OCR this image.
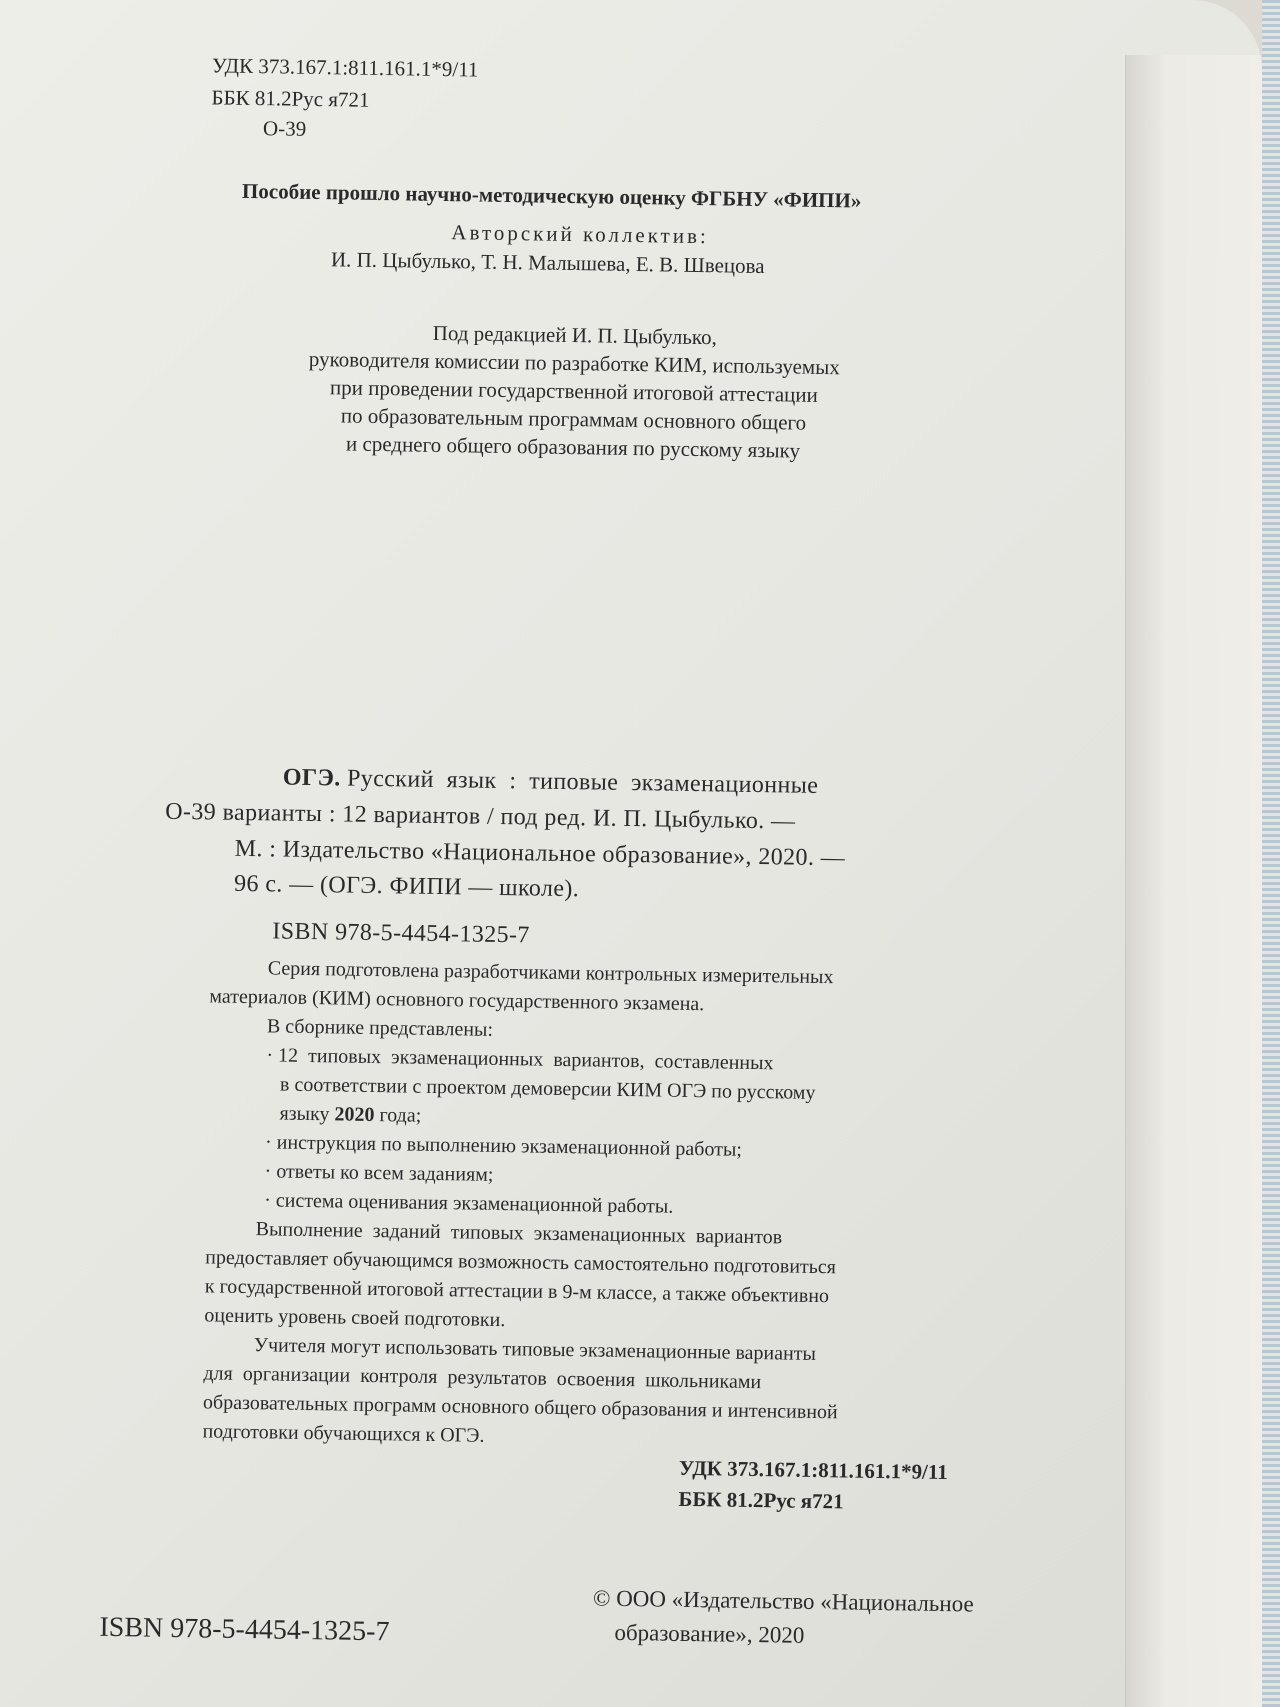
УДК 373.167.1:811.161.1*9/11
ББК 81.2Рус я721
О-39
Пособие прошло научно-методическую оценку ФГБНУ «ФИПИ»
Авторский коллектив:
И. П. Цыбулько, Т. Н. Малышева, Е. В. Швецова
Под редакцией И. П. Цыбулько,
руководителя комиссии по разработке КИМ, используемых
при проведении государственной итоговой аттестации
по образовательным программам основного общего
и среднего общего образования по русскому языку
ОГЭ. Русский  язык  :  типовые  экзаменационные
О-39 варианты : 12 вариантов / под ред. И. П. Цыбулько. —
М. : Издательство «Национальное образование», 2020. —
96 с. — (ОГЭ. ФИПИ — школе).
ISBN 978-5-4454-1325-7
Серия подготовлена разработчиками контрольных измерительных
материалов (КИМ) основного государственного экзамена.
В сборнике представлены:
· 12  типовых  экзаменационных  вариантов,  составленных
в соответствии с проектом демоверсии КИМ ОГЭ по русскому
языку 2020 года;
· инструкция по выполнению экзаменационной работы;
· ответы ко всем заданиям;
· система оценивания экзаменационной работы.
Выполнение  заданий  типовых  экзаменационных  вариантов
предоставляет обучающимся возможность самостоятельно подготовиться
к государственной итоговой аттестации в 9-м классе, а также объективно
оценить уровень своей подготовки.
Учителя могут использовать типовые экзаменационные варианты
для  организации  контроля  результатов  освоения  школьниками
образовательных программ основного общего образования и интенсивной
подготовки обучающихся к ОГЭ.
УДК 373.167.1:811.161.1*9/11
ББК 81.2Рус я721
ISBN 978-5-4454-1325-7
© ООО «Издательство «Национальное
образование», 2020
